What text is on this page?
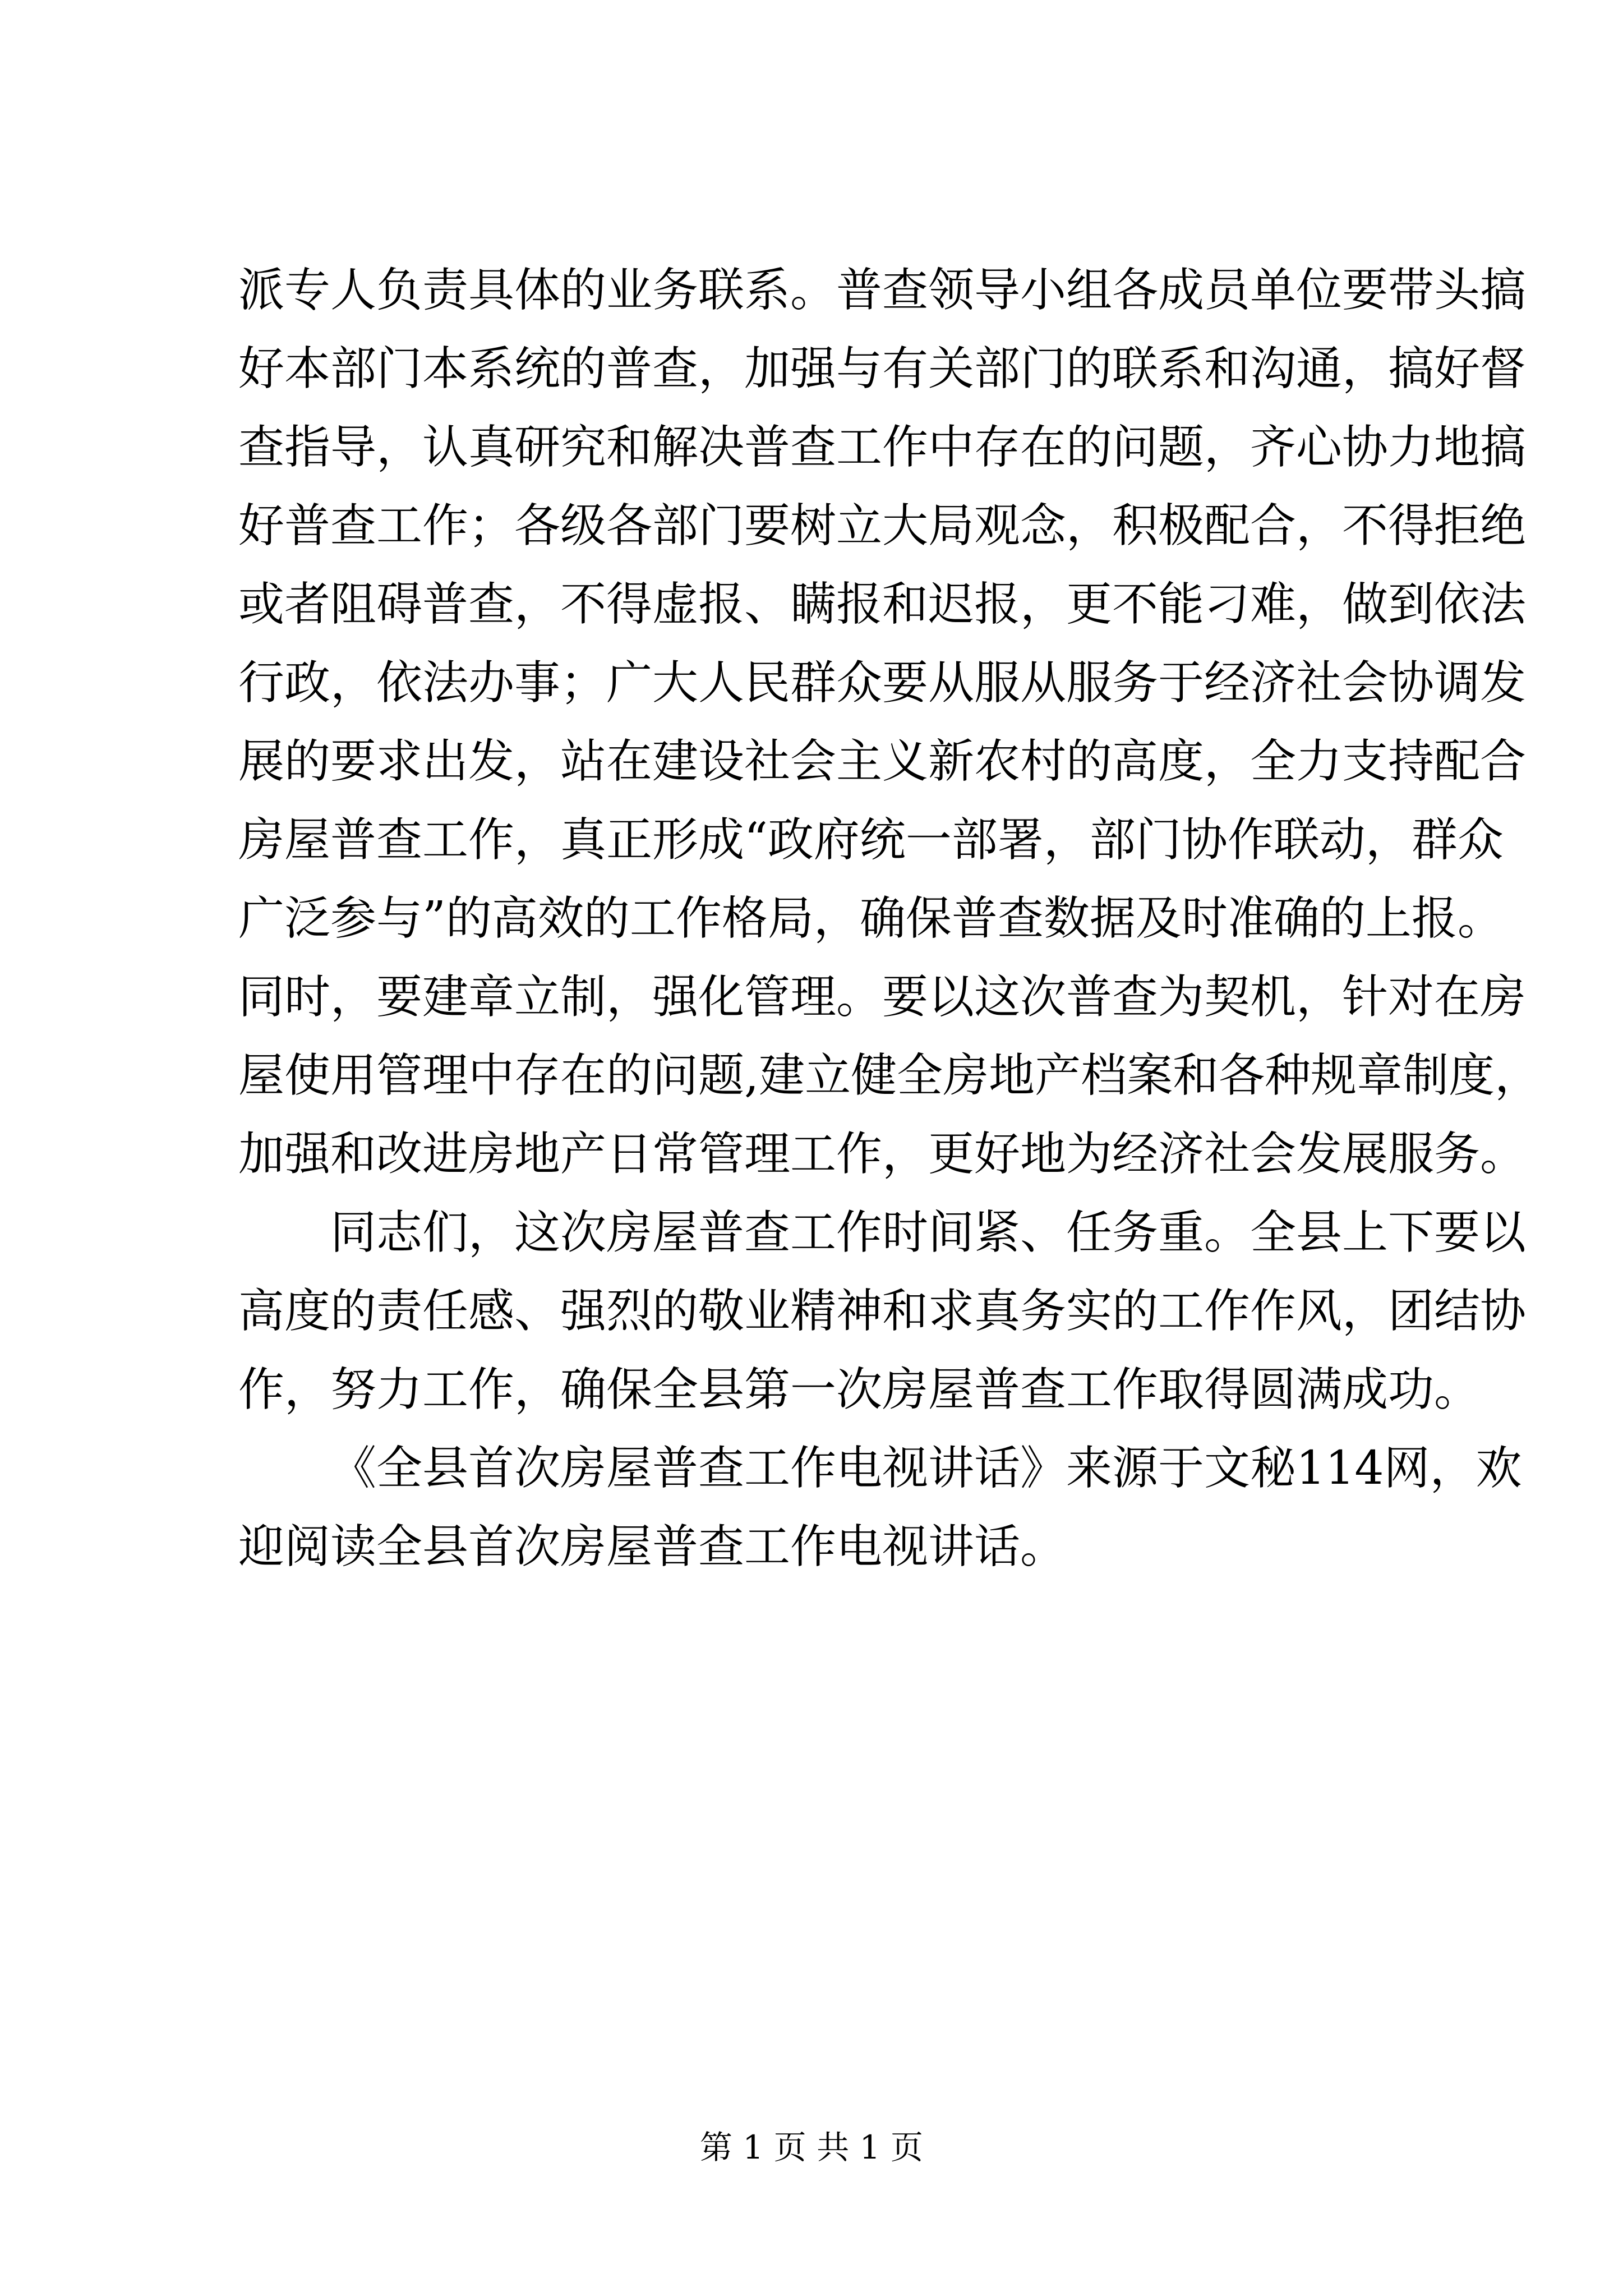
派专人负责具体的业务联系。普查领导小组各成员单位要带头搞
好本部门本系统的普查，加强与有关部门的联系和沟通，搞好督
查指导，认真研究和解决普查工作中存在的问题，齐心协力地搞
好普查工作；各级各部门要树立大局观念，积极配合，不得拒绝
或者阻碍普查，不得虚报、瞒报和迟报，更不能刁难，做到依法
行政，依法办事；广大人民群众要从服从服务于经济社会协调发
展的要求出发，站在建设社会主义新农村的高度，全力支持配合
房屋普查工作，真正形成“政府统一部署，部门协作联动，群众
广泛参与”的高效的工作格局，确保普查数据及时准确的上报。
同时，要建章立制，强化管理。要以这次普查为契机，针对在房
屋使用管理中存在的问题,建立健全房地产档案和各种规章制度，
加强和改进房地产日常管理工作，更好地为经济社会发展服务。
同志们，这次房屋普查工作时间紧、任务重。全县上下要以
高度的责任感、强烈的敬业精神和求真务实的工作作风，团结协
作，努力工作，确保全县第一次房屋普查工作取得圆满成功。
《全县首次房屋普查工作电视讲话》来源于文秘114网，欢
迎阅读全县首次房屋普查工作电视讲话。
第 1 页 共 1 页
